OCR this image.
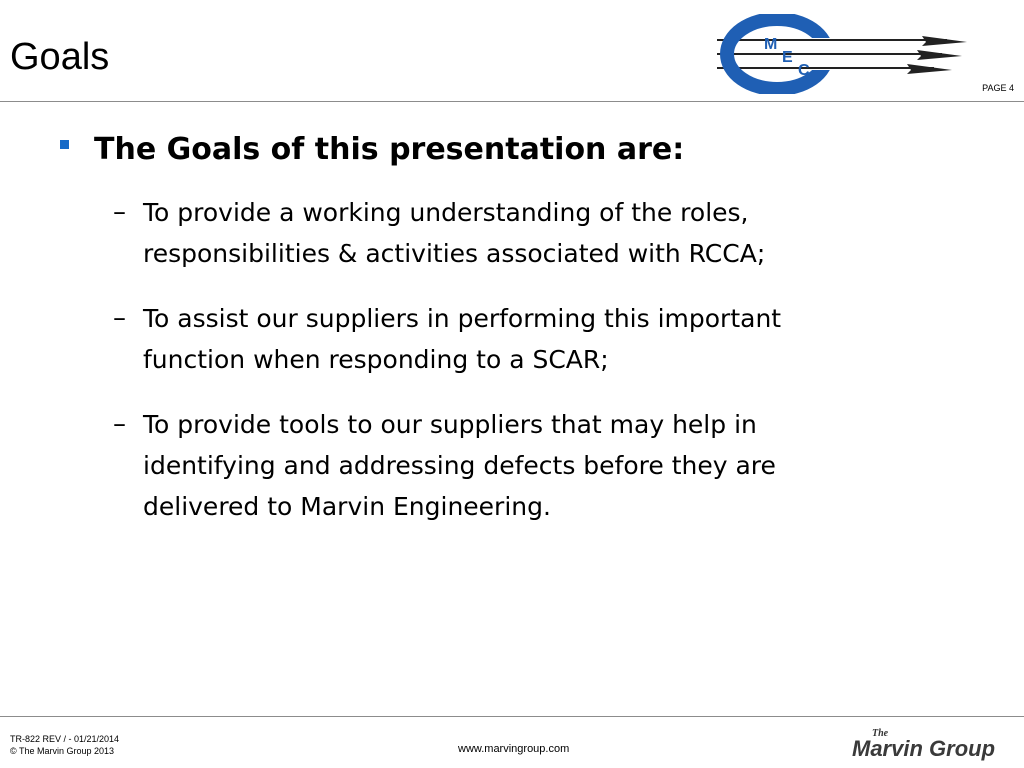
Goals	M
E
C
PAGE 4

The Goals of this presentation are:

– To provide a working understanding of the roles, responsibilities & activities associated with RCCA;
– To assist our suppliers in performing this important function when responding to a SCAR;
– To provide tools to our suppliers that may help in identifying and addressing defects before they are delivered to Marvin Engineering.
TR-822 REV / - 01/21/2014
© The Marvin Group 2013	www.marvingroup.com
The
Marvin Group
